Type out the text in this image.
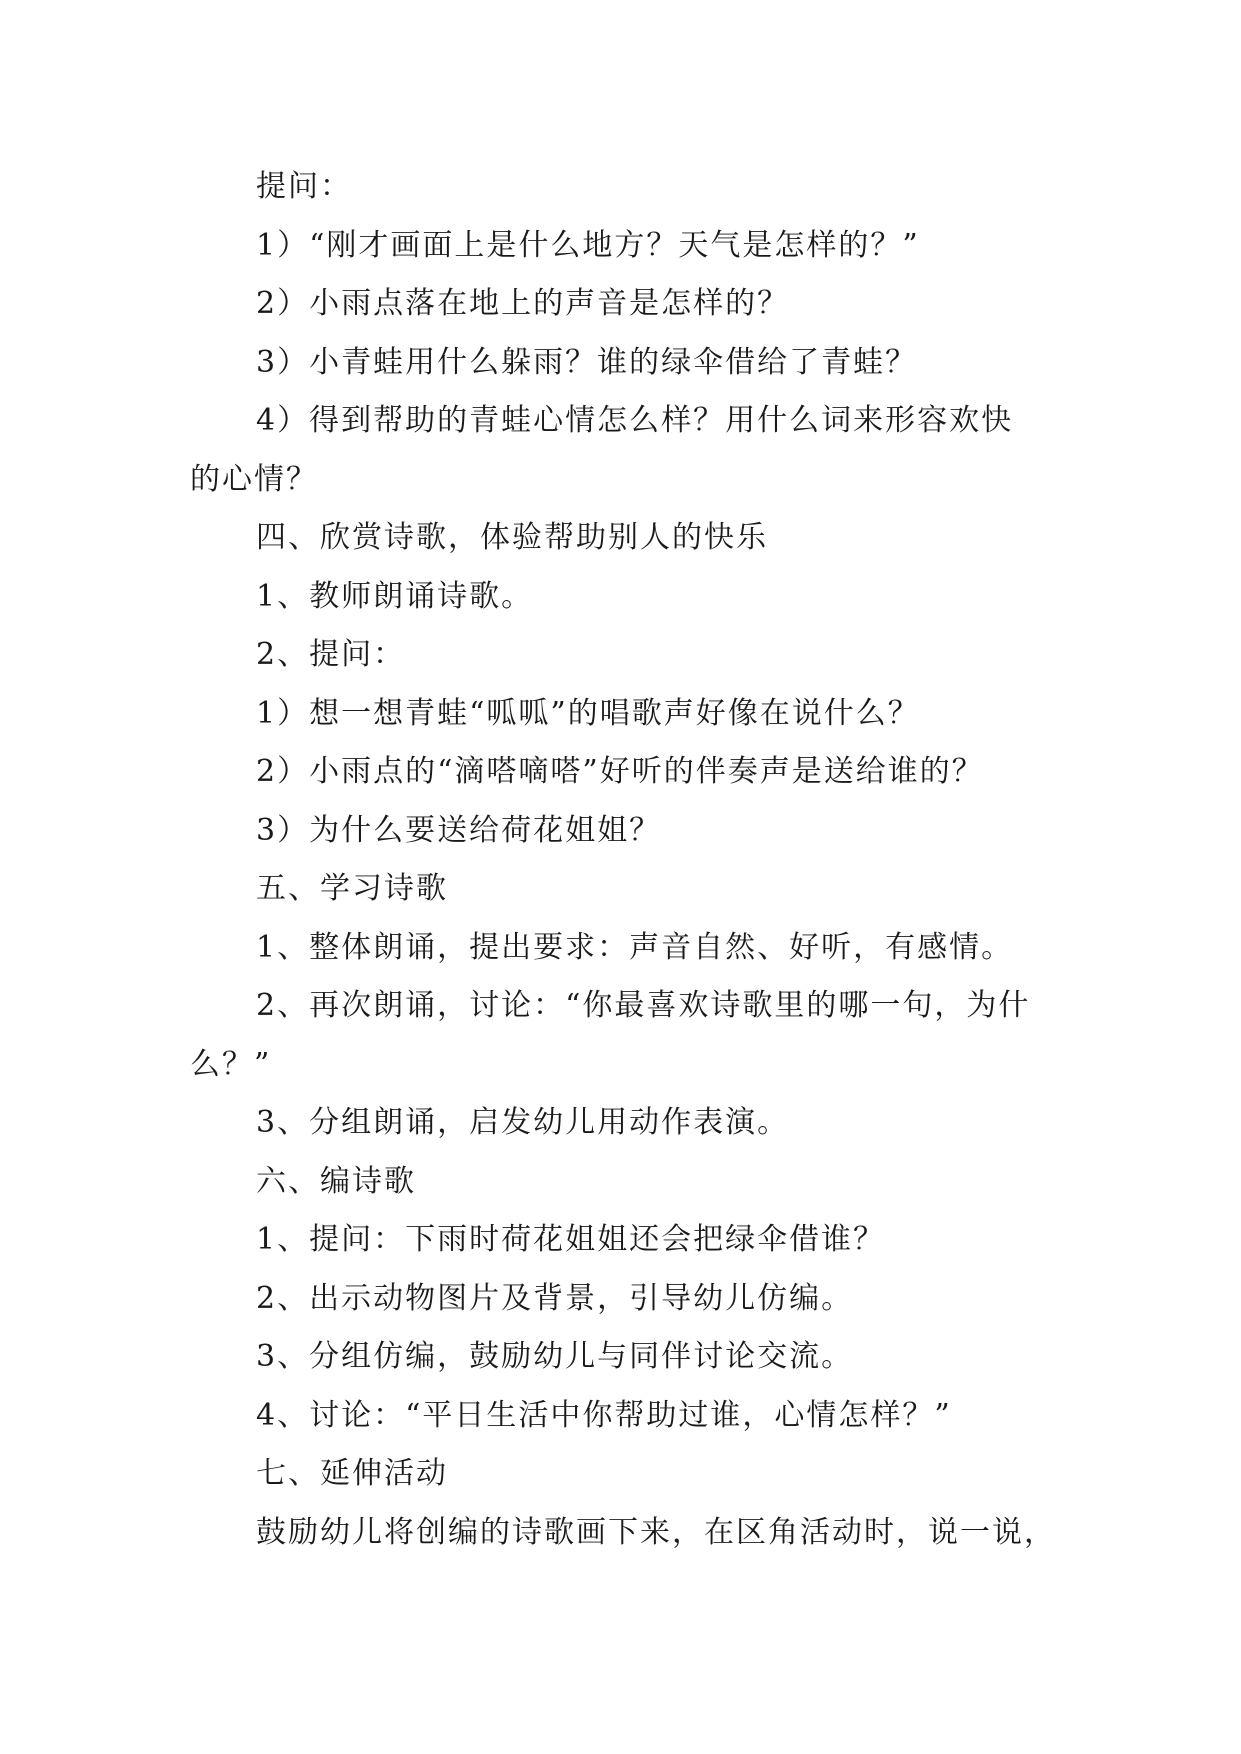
提问：
1）“刚才画面上是什么地方？天气是怎样的？”
2）小雨点落在地上的声音是怎样的？
3）小青蛙用什么躲雨？谁的绿伞借给了青蛙？
4）得到帮助的青蛙心情怎么样？用什么词来形容欢快
的心情？
四、欣赏诗歌，体验帮助别人的快乐
1、教师朗诵诗歌。
2、提问：
1）想一想青蛙“呱呱”的唱歌声好像在说什么？
2）小雨点的“滴嗒嘀嗒”好听的伴奏声是送给谁的？
3）为什么要送给荷花姐姐？
五、学习诗歌
1、整体朗诵，提出要求：声音自然、好听，有感情。
2、再次朗诵，讨论：“你最喜欢诗歌里的哪一句，为什
么？”
3、分组朗诵，启发幼儿用动作表演。
六、编诗歌
1、提问：下雨时荷花姐姐还会把绿伞借谁？
2、出示动物图片及背景，引导幼儿仿编。
3、分组仿编，鼓励幼儿与同伴讨论交流。
4、讨论：“平日生活中你帮助过谁，心情怎样？”
七、延伸活动
鼓励幼儿将创编的诗歌画下来，在区角活动时，说一说，
